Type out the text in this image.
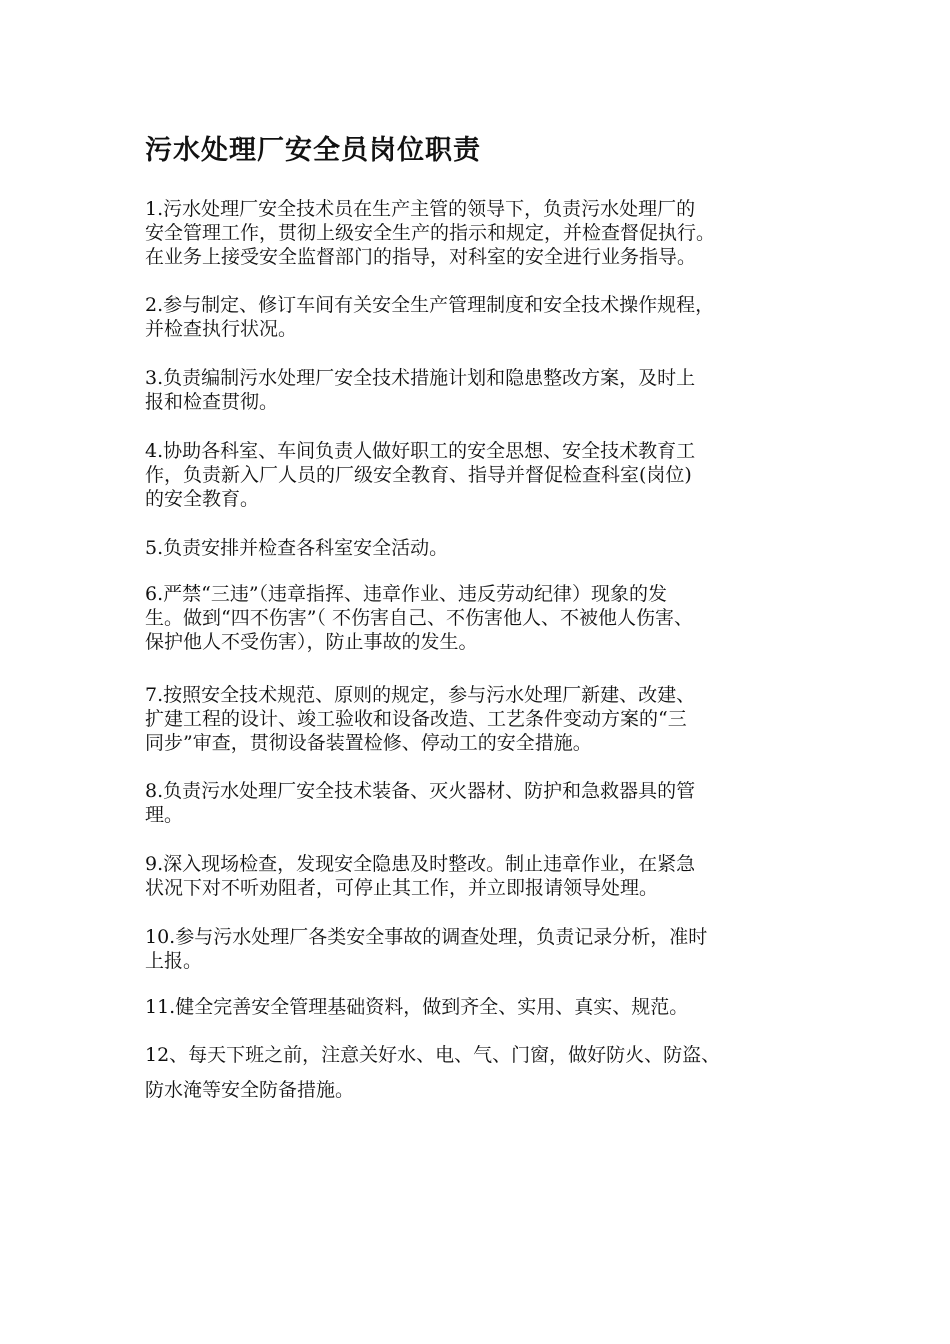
污水处理厂安全员岗位职责
1.污水处理厂安全技术员在生产主管的领导下，负责污水处理厂的
安全管理工作，贯彻上级安全生产的指示和规定，并检查督促执行。
在业务上接受安全监督部门的指导，对科室的安全进行业务指导。
2.参与制定、修订车间有关安全生产管理制度和安全技术操作规程，
并检查执行状况。
3.负责编制污水处理厂安全技术措施计划和隐患整改方案，及时上
报和检查贯彻。
4.协助各科室、车间负责人做好职工的安全思想、安全技术教育工
作，负责新入厂人员的厂级安全教育、指导并督促检查科室(岗位)
的安全教育。
5.负责安排并检查各科室安全活动。
6.严禁“三违”（违章指挥、违章作业、违反劳动纪律）现象的发
生。做到“四不伤害”（ 不伤害自己、不伤害他人、不被他人伤害、
保护他人不受伤害），防止事故的发生。
7.按照安全技术规范、原则的规定，参与污水处理厂新建、改建、
扩建工程的设计、竣工验收和设备改造、工艺条件变动方案的“三
同步”审查，贯彻设备装置检修、停动工的安全措施。
8.负责污水处理厂安全技术装备、灭火器材、防护和急救器具的管
理。
9.深入现场检查，发现安全隐患及时整改。制止违章作业，在紧急
状况下对不听劝阻者，可停止其工作，并立即报请领导处理。
10.参与污水处理厂各类安全事故的调查处理，负责记录分析，准时
上报。
11.健全完善安全管理基础资料，做到齐全、实用、真实、规范。
12、每天下班之前，注意关好水、电、气、门窗，做好防火、防盗、
防水淹等安全防备措施。
